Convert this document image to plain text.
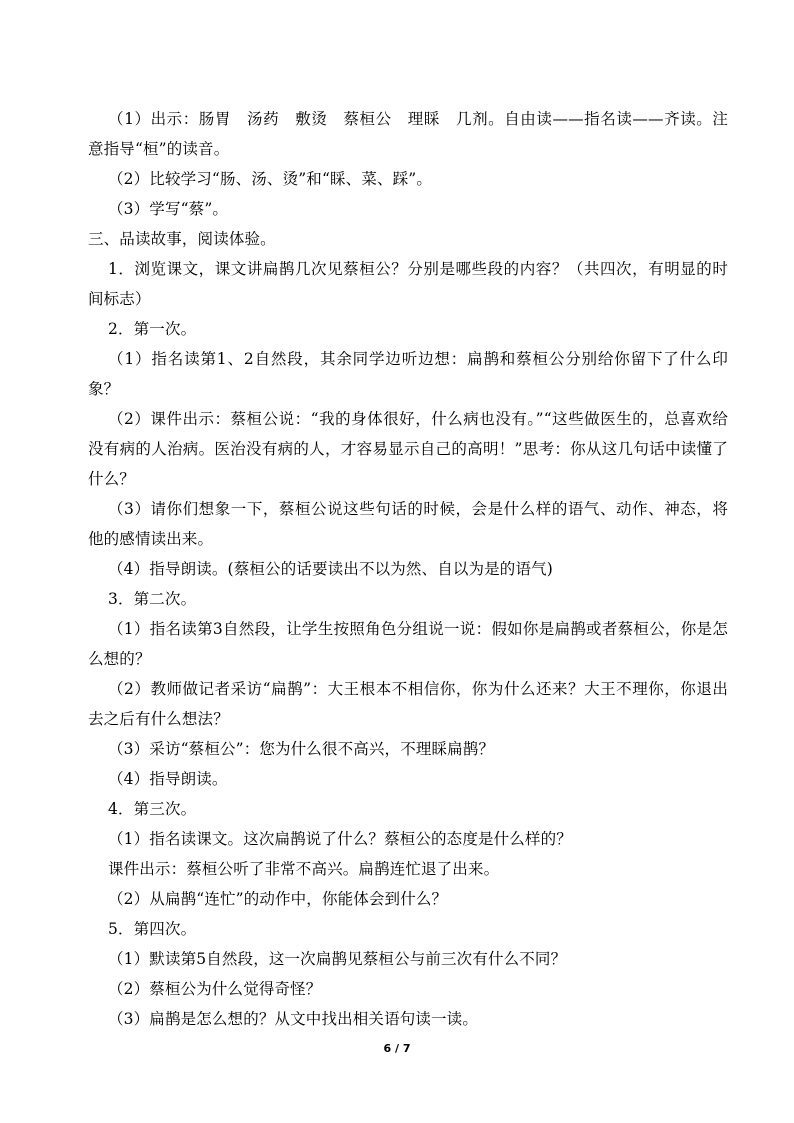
（1）出示：肠胃　汤药　敷烫　蔡桓公　理睬　几剂。自由读——指名读——齐读。注意指导“桓”的读音。

（2）比较学习“肠、汤、烫”和“睬、菜、踩”。

（3）学写“蔡”。

三、品读故事，阅读体验。

1．浏览课文，课文讲扁鹊几次见蔡桓公？分别是哪些段的内容？（共四次，有明显的时间标志）

2．第一次。

（1）指名读第1、2自然段，其余同学边听边想：扁鹊和蔡桓公分别给你留下了什么印象？

（2）课件出示：蔡桓公说：“我的身体很好，什么病也没有。”“这些做医生的，总喜欢给没有病的人治病。医治没有病的人，才容易显示自己的高明！”思考：你从这几句话中读懂了什么？

（3）请你们想象一下，蔡桓公说这些句话的时候，会是什么样的语气、动作、神态，将他的感情读出来。

（4）指导朗读。(蔡桓公的话要读出不以为然、自以为是的语气)

3．第二次。

（1）指名读第3自然段，让学生按照角色分组说一说：假如你是扁鹊或者蔡桓公，你是怎么想的？

（2）教师做记者采访“扁鹊”：大王根本不相信你，你为什么还来？大王不理你，你退出去之后有什么想法？

（3）采访“蔡桓公”：您为什么很不高兴，不理睬扁鹊？

（4）指导朗读。

4．第三次。

（1）指名读课文。这次扁鹊说了什么？蔡桓公的态度是什么样的？

课件出示：蔡桓公听了非常不高兴。扁鹊连忙退了出来。

（2）从扁鹊“连忙”的动作中，你能体会到什么？

5．第四次。

（1）默读第5自然段，这一次扁鹊见蔡桓公与前三次有什么不同？

（2）蔡桓公为什么觉得奇怪？

（3）扁鹊是怎么想的？从文中找出相关语句读一读。

6 / 7
